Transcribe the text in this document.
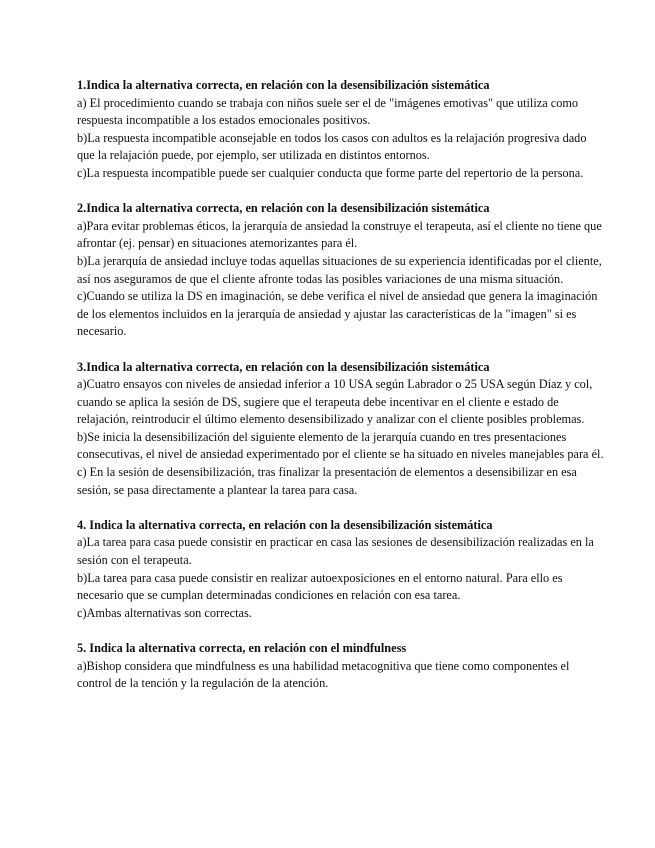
1.Indica la alternativa correcta, en relación con la desensibilización sistemática
a) El procedimiento cuando se trabaja con niños suele ser el de "imágenes emotivas" que utiliza como respuesta incompatible a los estados emocionales positivos.
b)La respuesta incompatible aconsejable en todos los casos con adultos es la relajación progresiva dado que la relajación puede, por ejemplo, ser utilizada en distintos entornos.
c)La respuesta incompatible puede ser cualquier conducta que forme parte del repertorio de la persona.
2.Indica la alternativa correcta, en relación con la desensibilización sistemática
a)Para evitar problemas éticos, la jerarquía de ansiedad la construye el terapeuta, así el cliente no tiene que afrontar (ej. pensar) en situaciones atemorizantes para él.
b)La jerarquía de ansiedad incluye todas aquellas situaciones de su experiencia identificadas por el cliente, así nos aseguramos de que el cliente afronte todas las posibles variaciones de una misma situación.
c)Cuando se utiliza la DS en imaginación, se debe verifica el nivel de ansiedad que genera la imaginación de los elementos incluidos en la jerarquía de ansiedad y ajustar las características de la "imagen" si es necesario.
3.Indica la alternativa correcta, en relación con la desensibilización sistemática
a)Cuatro ensayos con niveles de ansiedad inferior a 10 USA según Labrador o 25 USA según Díaz y col, cuando se aplica la sesión de DS, sugiere que el terapeuta debe incentivar en el cliente e estado de relajación, reintroducir el último elemento desensibilizado y analizar con el cliente posibles problemas.
b)Se inicia la desensibilización del siguiente elemento de la jerarquía cuando en tres presentaciones consecutivas, el nivel de ansiedad experimentado por el cliente se ha situado en niveles manejables para él.
c) En la sesión de desensibilización, tras finalizar la presentación de elementos a desensibilizar en esa sesión, se pasa directamente a plantear la tarea para casa.
4. Indica la alternativa correcta, en relación con la desensibilización sistemática
a)La tarea para casa puede consistir en practicar en casa las sesiones de desensibilización realizadas en la sesión con el terapeuta.
b)La tarea para casa puede consistir en realizar autoexposiciones en el entorno natural. Para ello es necesario que se cumplan determinadas condiciones en relación con esa tarea.
c)Ambas alternativas son correctas.
5. Indica la alternativa correcta, en relación con el mindfulness
a)Bishop considera que mindfulness es una habilidad metacognitiva que tiene como componentes el control de la tención y la regulación de la atención.
